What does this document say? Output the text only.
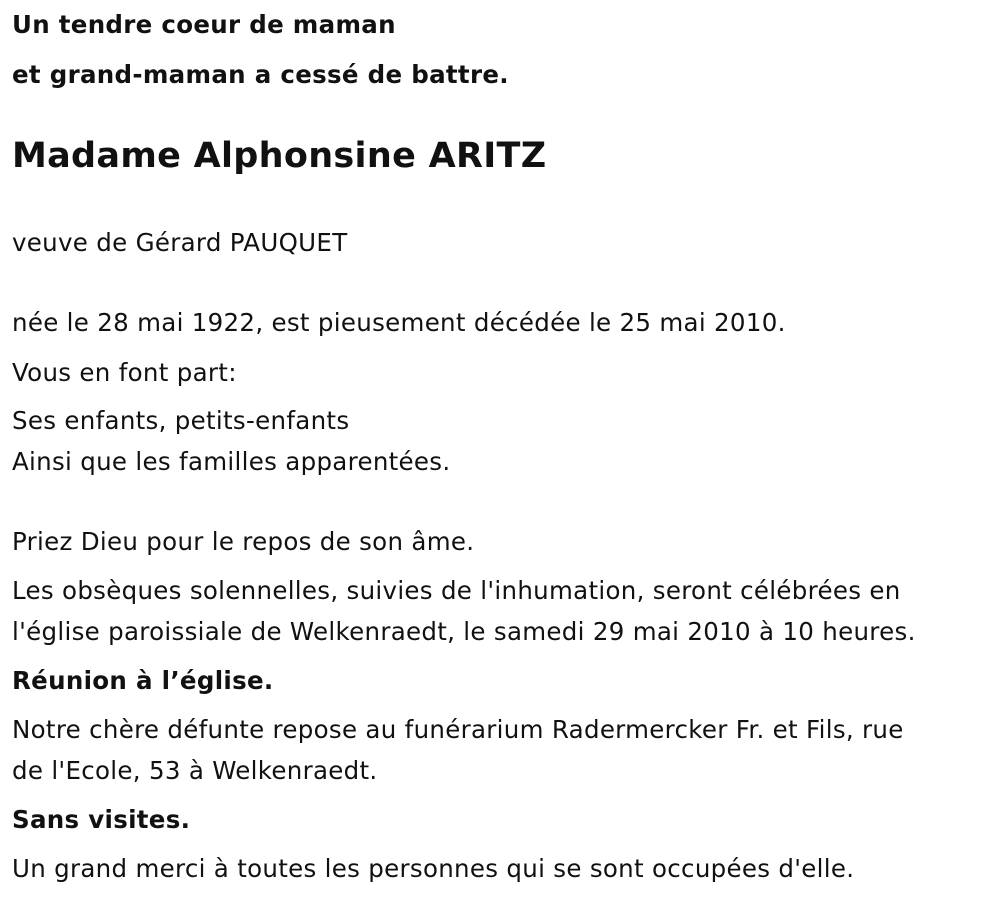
Un tendre coeur de maman

et grand-maman a cessé de battre.

Madame Alphonsine ARITZ

veuve de Gérard PAUQUET

née le 28 mai 1922, est pieusement décédée le 25 mai 2010.

Vous en font part:

Ses enfants, petits-enfants

Ainsi que les familles apparentées.

Priez Dieu pour le repos de son âme.

Les obsèques solennelles, suivies de l'inhumation, seront célébrées en

l'église paroissiale de Welkenraedt, le samedi 29 mai 2010 à 10 heures.

Réunion à l’église.

Notre chère défunte repose au funérarium Radermercker Fr. et Fils, rue

de l'Ecole, 53 à Welkenraedt.

Sans visites.

Un grand merci à toutes les personnes qui se sont occupées d'elle.
